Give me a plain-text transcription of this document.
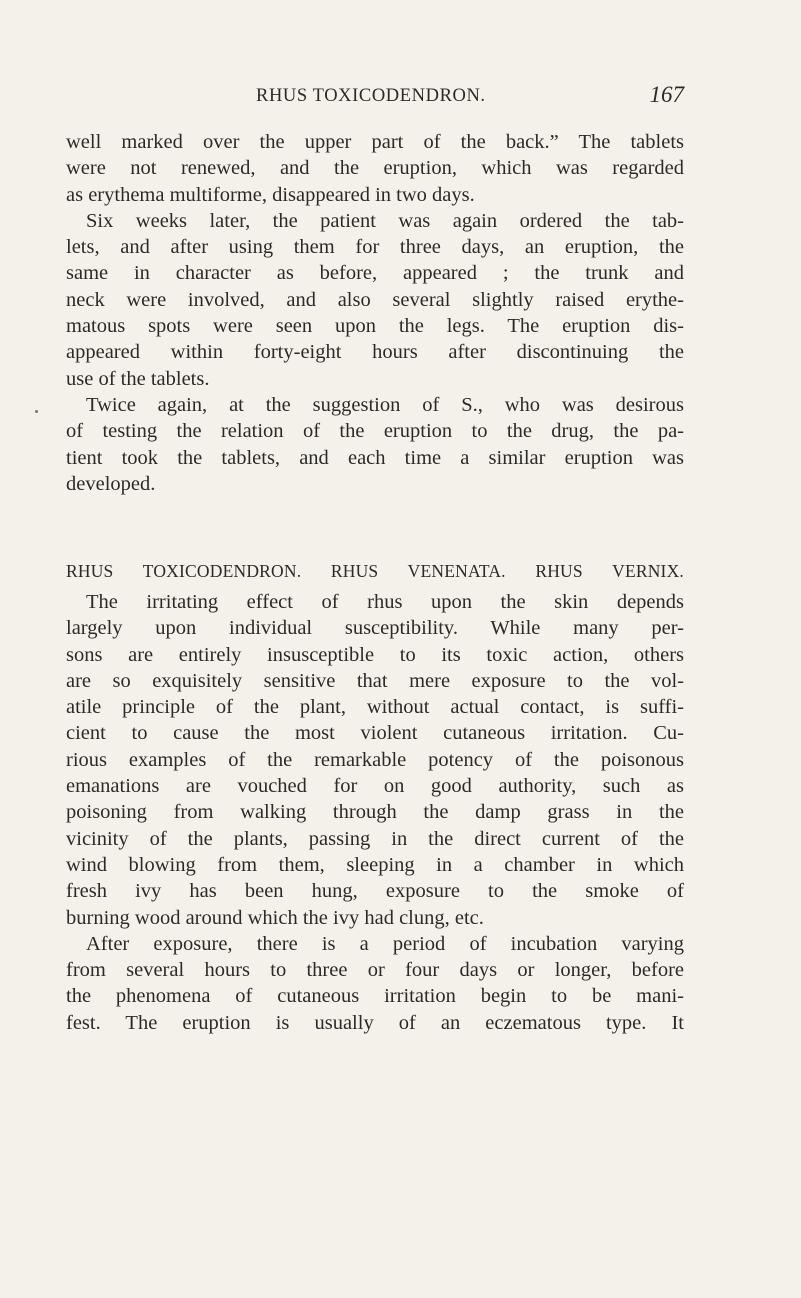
RHUS TOXICODENDRON.	167
well marked over the upper part of the back.” The tablets
were not renewed, and the eruption, which was regarded
as erythema multiforme, disappeared in two days.
Six weeks later, the patient was again ordered the tab-
lets, and after using them for three days, an eruption, the
same in character as before, appeared ; the trunk and
neck were involved, and also several slightly raised erythe-
matous spots were seen upon the legs. The eruption dis-
appeared within forty-eight hours after discontinuing the
use of the tablets.
Twice again, at the suggestion of S., who was desirous
of testing the relation of the eruption to the drug, the pa-
tient took the tablets, and each time a similar eruption was
developed.
RHUS TOXICODENDRON. RHUS VENENATA. RHUS VERNIX.
The irritating effect of rhus upon the skin depends
largely upon individual susceptibility. While many per-
sons are entirely insusceptible to its toxic action, others
are so exquisitely sensitive that mere exposure to the vol-
atile principle of the plant, without actual contact, is suffi-
cient to cause the most violent cutaneous irritation. Cu-
rious examples of the remarkable potency of the poisonous
emanations are vouched for on good authority, such as
poisoning from walking through the damp grass in the
vicinity of the plants, passing in the direct current of the
wind blowing from them, sleeping in a chamber in which
fresh ivy has been hung, exposure to the smoke of
burning wood around which the ivy had clung, etc.
After exposure, there is a period of incubation varying
from several hours to three or four days or longer, before
the phenomena of cutaneous irritation begin to be mani-
fest. The eruption is usually of an eczematous type. It
